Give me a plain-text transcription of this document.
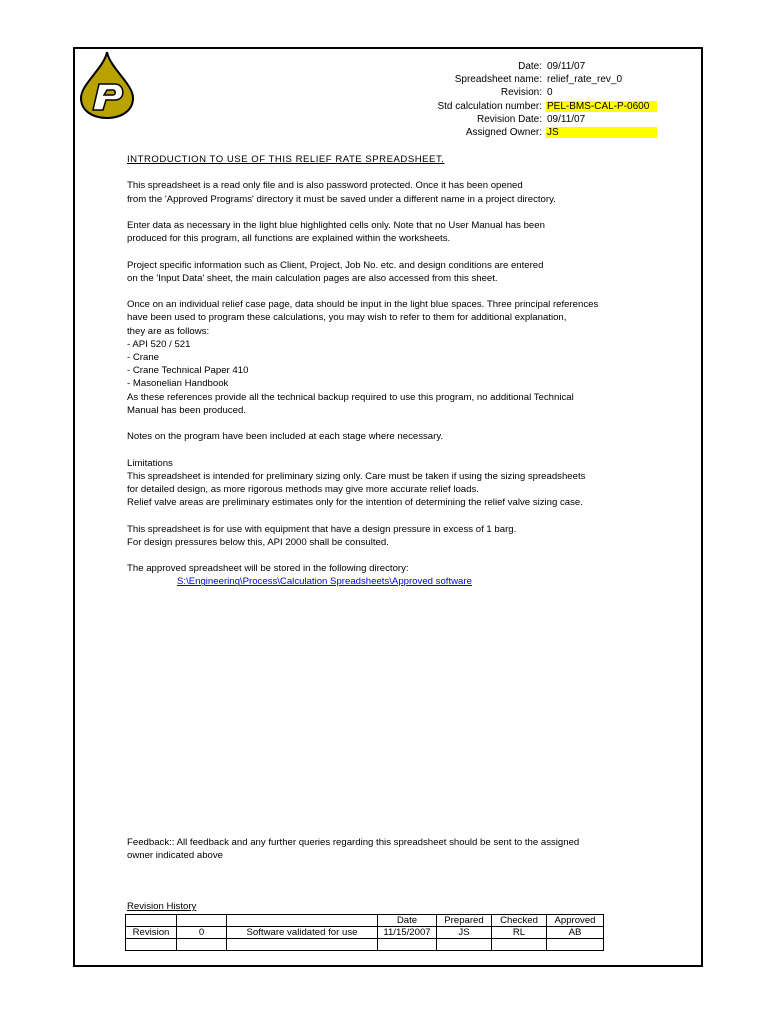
Date: 09/11/07
Spreadsheet name: relief_rate_rev_0
Revision: 0
Std calculation number: PEL-BMS-CAL-P-0600
Revision Date: 09/11/07
Assigned Owner: JS

INTRODUCTION TO USE OF THIS RELIEF RATE SPREADSHEET.

This spreadsheet is a read only file and is also password protected. Once it has been opened

from the 'Approved Programs' directory it must be saved under a different name in a project directory.

Enter data as necessary in the light blue highlighted cells only. Note that no User Manual has been

produced for this program, all functions are explained within the worksheets.

Project specific information such as Client, Project, Job No. etc. and design conditions are entered

on the 'Input Data' sheet, the main calculation pages are also accessed from this sheet.

Once on an individual relief case page, data should be input in the light blue spaces. Three principal references

have been used to program these calculations, you may wish to refer to them for additional explanation,

they are as follows:

- API 520 / 521

- Crane

- Crane Technical Paper 410

- Masonelian Handbook

As these references provide all the technical backup required to use this program, no additional Technical

Manual has been produced.

Notes on the program have been included at each stage where necessary.

Limitations

This spreadsheet is intended for preliminary sizing only. Care must be taken if using the sizing spreadsheets

for detailed design, as more rigorous methods may give more accurate relief loads.

Relief valve areas are preliminary estimates only for the intention of determining the relief valve sizing case.

This spreadsheet is for use with equipment that have a design pressure in excess of 1 barg.

For design pressures below this, API 2000 shall be consulted.

The approved spreadsheet will be stored in the following directory:

S:\Engineering\Process\Calculation Spreadsheets\Approved software

Feedback:: All feedback and any further queries regarding this spreadsheet should be sent to the assigned
owner indicated above
Revision History
			Date	Prepared	Checked	Approved
Revision	0	Software validated for use	11/15/2007	JS	RL	AB
